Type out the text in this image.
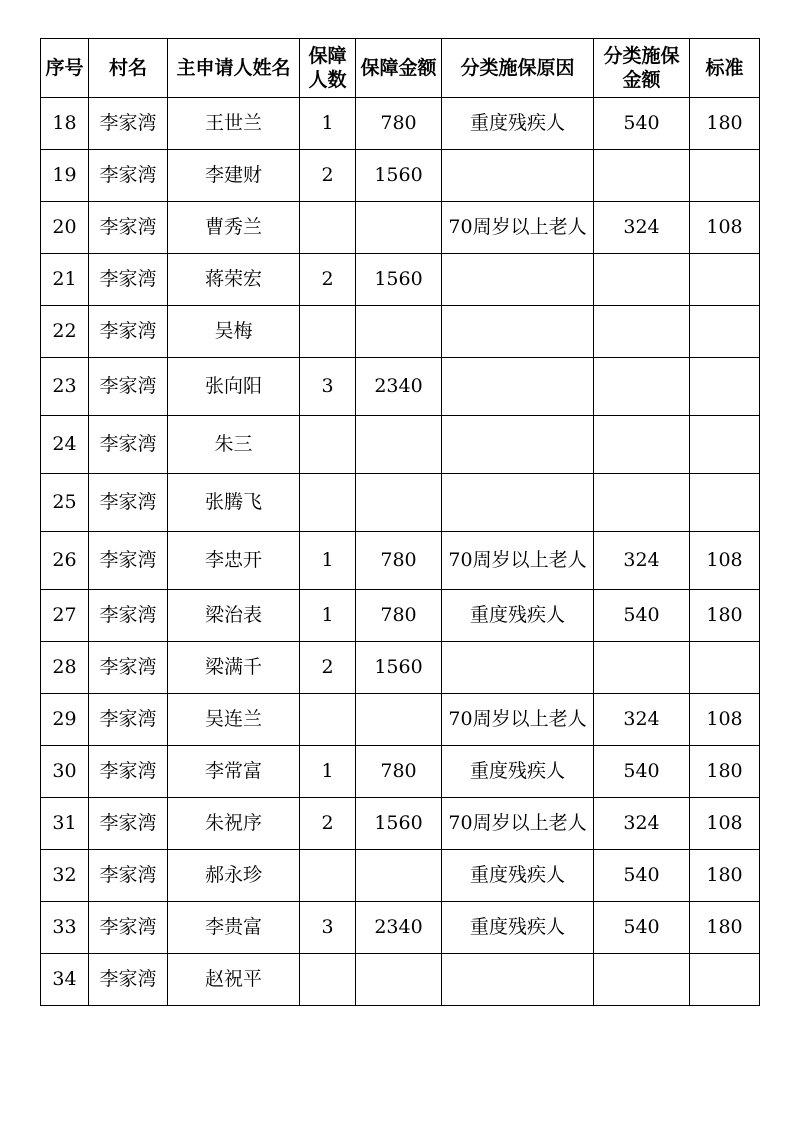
序号	村名	主申请人姓名	保障人数	保障金额	分类施保原因	分类施保金额	标准
18	李家湾	王世兰	1	780	重度残疾人	540	180
19	李家湾	李建财	2	1560			
20	李家湾	曹秀兰			70周岁以上老人	324	108
21	李家湾	蒋荣宏	2	1560			
22	李家湾	吴梅					
23	李家湾	张向阳	3	2340			
24	李家湾	朱三					
25	李家湾	张腾飞					
26	李家湾	李忠开	1	780	70周岁以上老人	324	108
27	李家湾	梁治表	1	780	重度残疾人	540	180
28	李家湾	梁满千	2	1560			
29	李家湾	吴连兰			70周岁以上老人	324	108
30	李家湾	李常富	1	780	重度残疾人	540	180
31	李家湾	朱祝序	2	1560	70周岁以上老人	324	108
32	李家湾	郝永珍			重度残疾人	540	180
33	李家湾	李贵富	3	2340	重度残疾人	540	180
34	李家湾	赵祝平					
